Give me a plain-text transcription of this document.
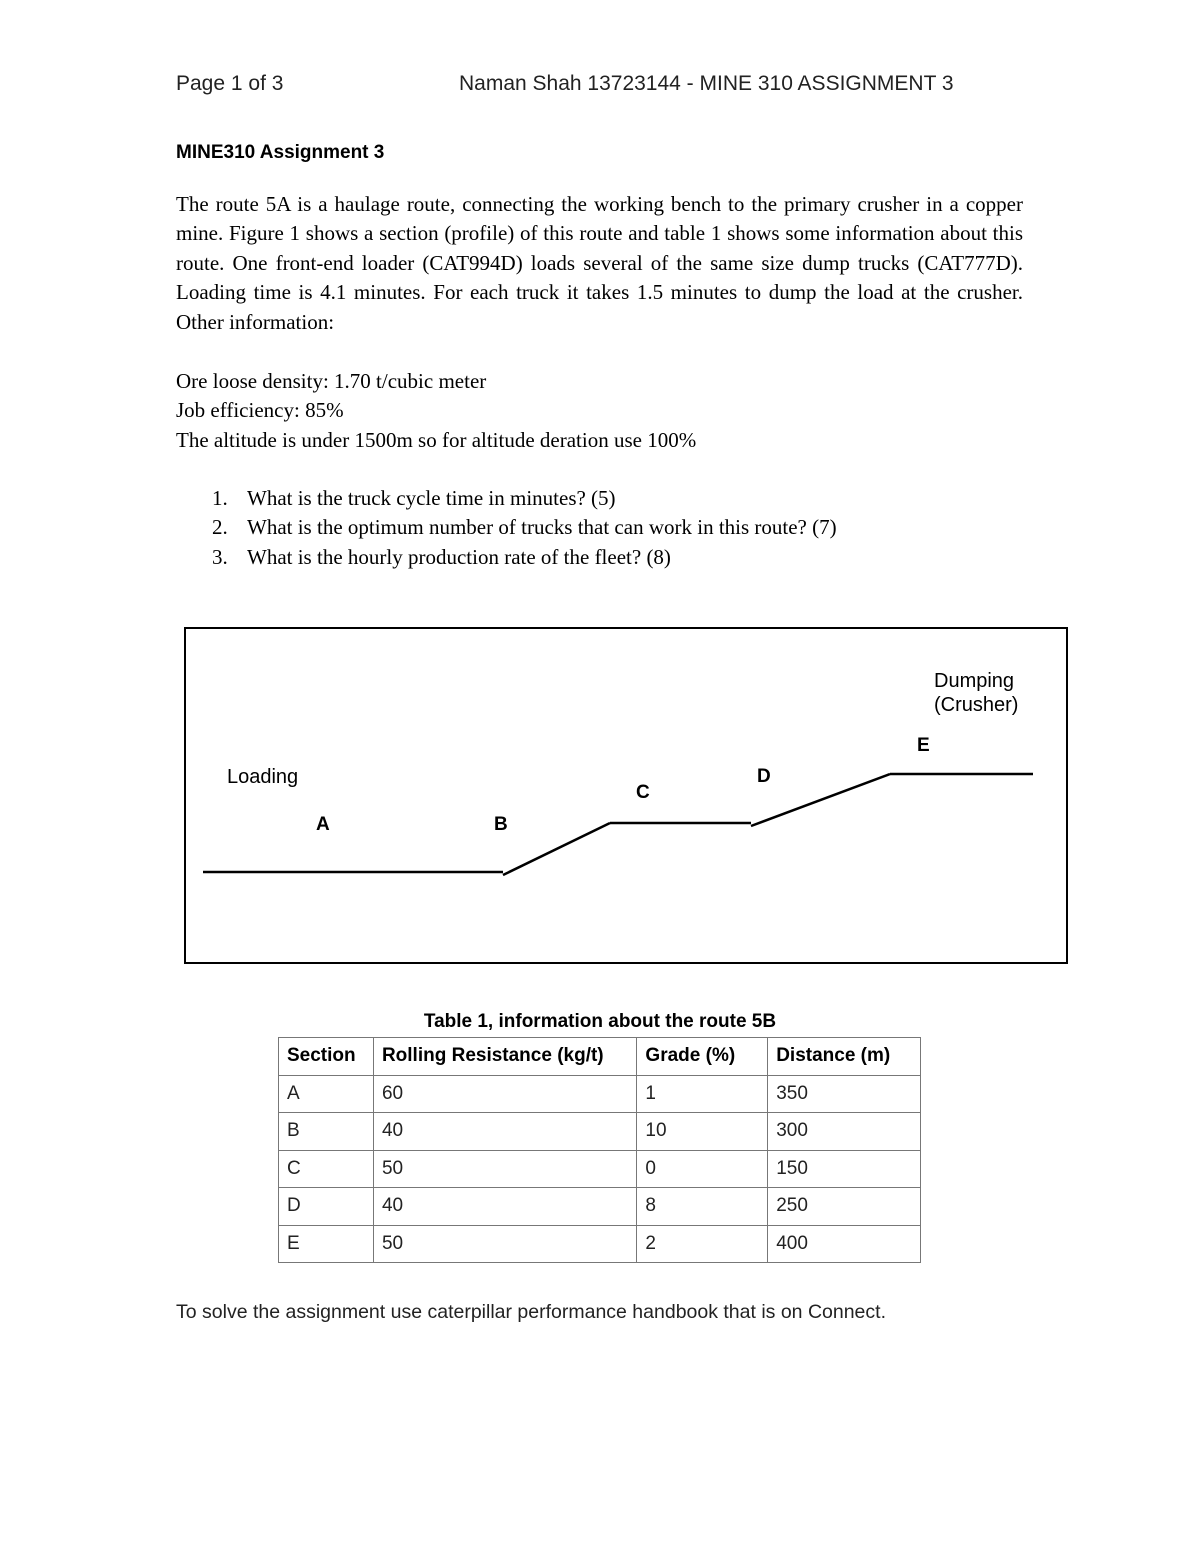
Page 1 of 3	Naman Shah 13723144 - MINE 310 ASSIGNMENT 3
MINE310 Assignment 3

The route 5A is a haulage route, connecting the working bench to the primary crusher in a copper mine. Figure 1 shows a section (profile) of this route and table 1 shows some information about this route. One front-end loader (CAT994D) loads several of the same size dump trucks (CAT777D). Loading time is 4.1 minutes. For each truck it takes 1.5 minutes to dump the load at the crusher. Other information:

Ore loose density: 1.70 t/cubic meter
Job efficiency: 85%
The altitude is under 1500m so for altitude deration use 100%
1. What is the truck cycle time in minutes? (5)
2. What is the optimum number of trucks that can work in this route? (7)
3. What is the hourly production rate of the fleet? (8)
Loading
Dumping
(Crusher)
A	B
C
D
E
Table 1, information about the route 5B
Section	Rolling Resistance (kg/t)	Grade (%)	Distance (m)
A	60	1	350
B	40	10	300
C	50	0	150
D	40	8	250
E	50	2	400
To solve the assignment use caterpillar performance handbook that is on Connect.
